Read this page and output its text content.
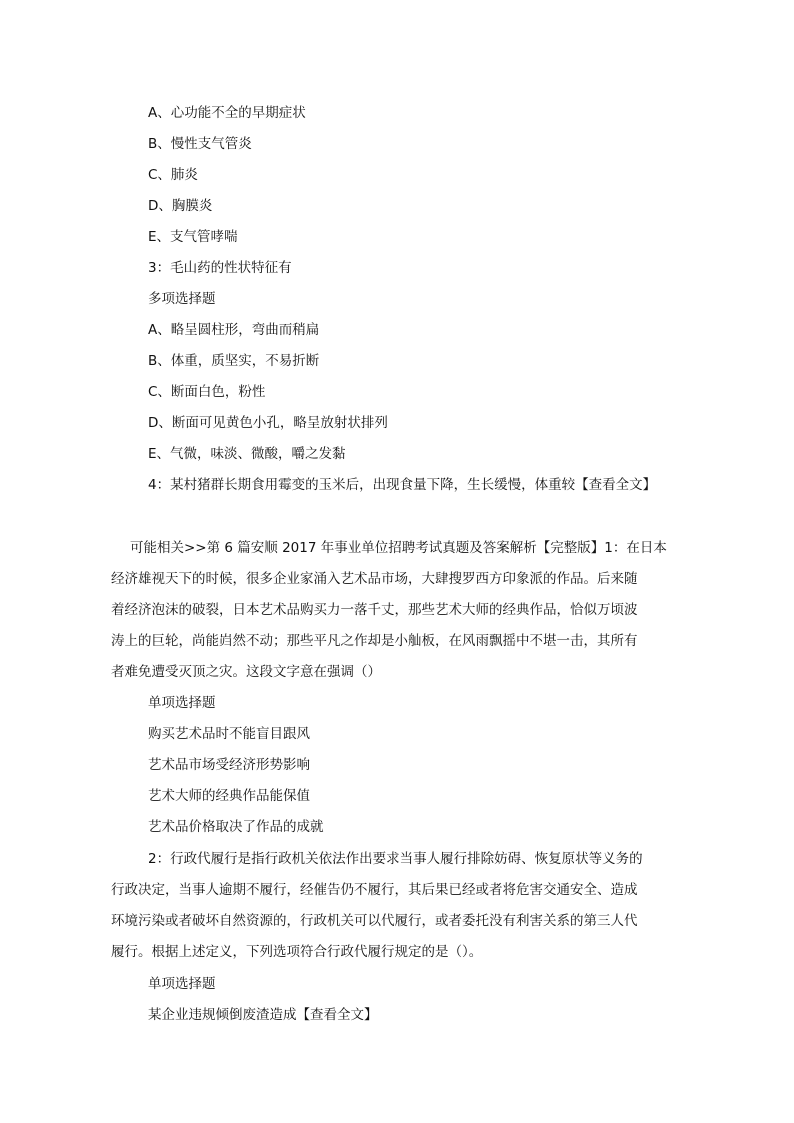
A、心功能不全的早期症状
B、慢性支气管炎
C、肺炎
D、胸膜炎
E、支气管哮喘
3：毛山药的性状特征有
多项选择题
A、略呈圆柱形，弯曲而稍扁
B、体重，质坚实，不易折断
C、断面白色，粉性
D、断面可见黄色小孔，略呈放射状排列
E、气微，味淡、微酸，嚼之发黏
4：某村猪群长期食用霉变的玉米后，出现食量下降，生长缓慢，体重较【查看全文】
可能相关>>第 6 篇安顺 2017 年事业单位招聘考试真题及答案解析【完整版】1：在日本
经济雄视天下的时候，很多企业家涌入艺术品市场，大肆搜罗西方印象派的作品。后来随
着经济泡沫的破裂，日本艺术品购买力一落千丈，那些艺术大师的经典作品，恰似万顷波
涛上的巨轮，尚能岿然不动；那些平凡之作却是小舢板，在风雨飘摇中不堪一击，其所有
者难免遭受灭顶之灾。这段文字意在强调（）
单项选择题
购买艺术品时不能盲目跟风
艺术品市场受经济形势影响
艺术大师的经典作品能保值
艺术品价格取决了作品的成就
2：行政代履行是指行政机关依法作出要求当事人履行排除妨碍、恢复原状等义务的
行政决定，当事人逾期不履行，经催告仍不履行，其后果已经或者将危害交通安全、造成
环境污染或者破坏自然资源的，行政机关可以代履行，或者委托没有利害关系的第三人代
履行。根据上述定义，下列选项符合行政代履行规定的是（）。
单项选择题
某企业违规倾倒废渣造成【查看全文】
